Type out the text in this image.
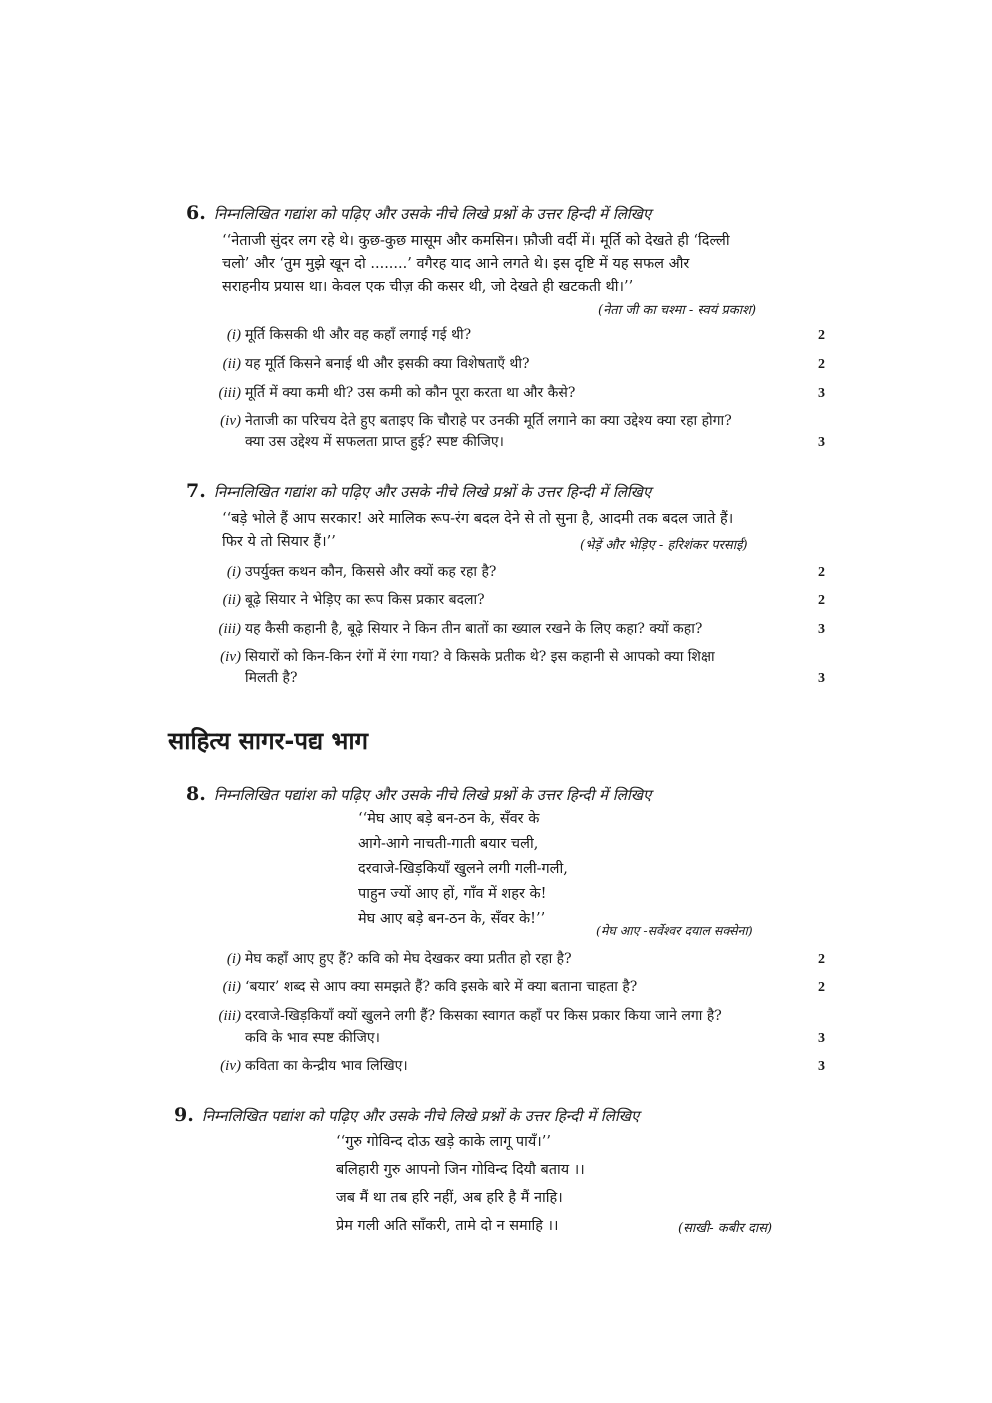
6. निम्नलिखित गद्यांश को पढ़िए और उसके नीचे लिखे प्रश्नों के उत्तर हिन्दी में लिखिए
‘‘नेताजी सुंदर लग रहे थे। कुछ-कुछ मासूम और कमसिन। फ़ौजी वर्दी में। मूर्ति को देखते ही ‘दिल्ली
चलो’ और ‘तुम मुझे खून दो ........’ वगैरह याद आने लगते थे। इस दृष्टि में यह सफल और
सराहनीय प्रयास था। केवल एक चीज़ की कसर थी, जो देखते ही खटकती थी।’’
(नेता जी का चश्मा - स्वयं प्रकाश)
(i) मूर्ति किसकी थी और वह कहाँ लगाई गई थी?	2
(ii) यह मूर्ति किसने बनाई थी और इसकी क्या विशेषताएँ थी?	2
(iii) मूर्ति में क्या कमी थी? उस कमी को कौन पूरा करता था और कैसे?	3
(iv) नेताजी का परिचय देते हुए बताइए कि चौराहे पर उनकी मूर्ति लगाने का क्या उद्देश्य क्या रहा होगा?
क्या उस उद्देश्य में सफलता प्राप्त हुई? स्पष्ट कीजिए।	3
7. निम्नलिखित गद्यांश को पढ़िए और उसके नीचे लिखे प्रश्नों के उत्तर हिन्दी में लिखिए
‘‘बड़े भोले हैं आप सरकार! अरे मालिक रूप-रंग बदल देने से तो सुना है, आदमी तक बदल जाते हैं।
फिर ये तो सियार हैं।’’	(भेड़ें और भेड़िए - हरिशंकर परसाई)
(i) उपर्युक्त कथन कौन, किससे और क्यों कह रहा है?	2
(ii) बूढ़े सियार ने भेड़िए का रूप किस प्रकार बदला?	2
(iii) यह कैसी कहानी है, बूढ़े सियार ने किन तीन बातों का ख्याल रखने के लिए कहा? क्यों कहा?	3
(iv) सियारों को किन-किन रंगों में रंगा गया? वे किसके प्रतीक थे? इस कहानी से आपको क्या शिक्षा
मिलती है?	3
साहित्य सागर-पद्य भाग
8. निम्नलिखित पद्यांश को पढ़िए और उसके नीचे लिखे प्रश्नों के उत्तर हिन्दी में लिखिए
‘‘मेघ आए बड़े बन-ठन के, सँवर के
आगे-आगे नाचती-गाती बयार चली,
दरवाजे-खिड़कियाँ खुलने लगी गली-गली,
पाहुन ज्यों आए हों, गाँव में शहर के!
मेघ आए बड़े बन-ठन के, सँवर के!’’
(मेघ आए -सर्वेश्वर दयाल सक्सेना)
(i) मेघ कहाँ आए हुए हैं? कवि को मेघ देखकर क्या प्रतीत हो रहा है?	2
(ii) ‘बयार’ शब्द से आप क्या समझते हैं? कवि इसके बारे में क्या बताना चाहता है?	2
(iii) दरवाजे-खिड़कियाँ क्यों खुलने लगी हैं? किसका स्वागत कहाँ पर किस प्रकार किया जाने लगा है?
कवि के भाव स्पष्ट कीजिए।	3
(iv) कविता का केन्द्रीय भाव लिखिए।	3
9. निम्नलिखित पद्यांश को पढ़िए और उसके नीचे लिखे प्रश्नों के उत्तर हिन्दी में लिखिए
‘‘गुरु गोविन्द दोऊ खड़े काके लागू पायँ।’’
बलिहारी गुरु आपनो जिन गोविन्द दियौ बताय ।।
जब मैं था तब हरि नहीं, अब हरि है मैं नाहि।
प्रेम गली अति साँकरी, तामे दो न समाहि ।।	(साखी- कबीर दास)
